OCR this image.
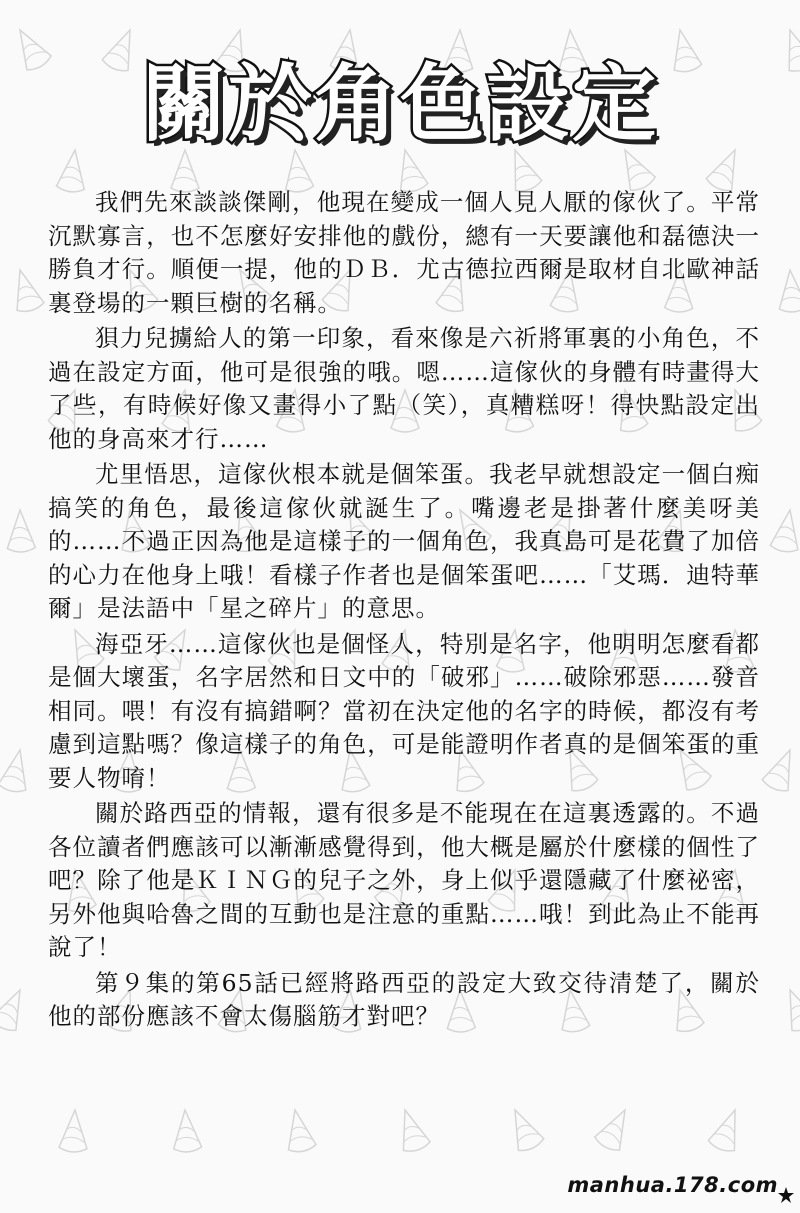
關於角色設定

我們先來談談傑剛，他現在變成一個人見人厭的傢伙了。平常沉默寡言，也不怎麼好安排他的戲份，總有一天要讓他和磊德決一勝負才行。順便一提，他的ＤＢ．尤古德拉西爾是取材自北歐神話裏登場的一顆巨樹的名稱。

狽力兒擄給人的第一印象，看來像是六祈將軍裏的小角色，不過在設定方面，他可是很強的哦。嗯……這傢伙的身體有時畫得大了些，有時候好像又畫得小了點（笑），真糟糕呀！得快點設定出他的身高來才行……

尤里悟思，這傢伙根本就是個笨蛋。我老早就想設定一個白痴搞笑的角色，最後這傢伙就誕生了。嘴邊老是掛著什麼美呀美的……不過正因為他是這樣子的一個角色，我真島可是花費了加倍的心力在他身上哦！看樣子作者也是個笨蛋吧……「艾瑪．迪特華爾」是法語中「星之碎片」的意思。

海亞牙……這傢伙也是個怪人，特別是名字，他明明怎麼看都是個大壞蛋，名字居然和日文中的「破邪」……破除邪惡……發音相同。喂！有沒有搞錯啊？當初在決定他的名字的時候，都沒有考慮到這點嗎？像這樣子的角色，可是能證明作者真的是個笨蛋的重要人物唷！

關於路西亞的情報，還有很多是不能現在在這裏透露的。不過各位讀者們應該可以漸漸感覺得到，他大概是屬於什麼樣的個性了吧？除了他是ＫＩＮＧ的兒子之外，身上似乎還隱藏了什麼祕密，另外他與哈魯之間的互動也是注意的重點……哦！到此為止不能再說了！

第９集的第65話已經將路西亞的設定大致交待清楚了，關於他的部份應該不會太傷腦筋才對吧？

manhua.178.com
